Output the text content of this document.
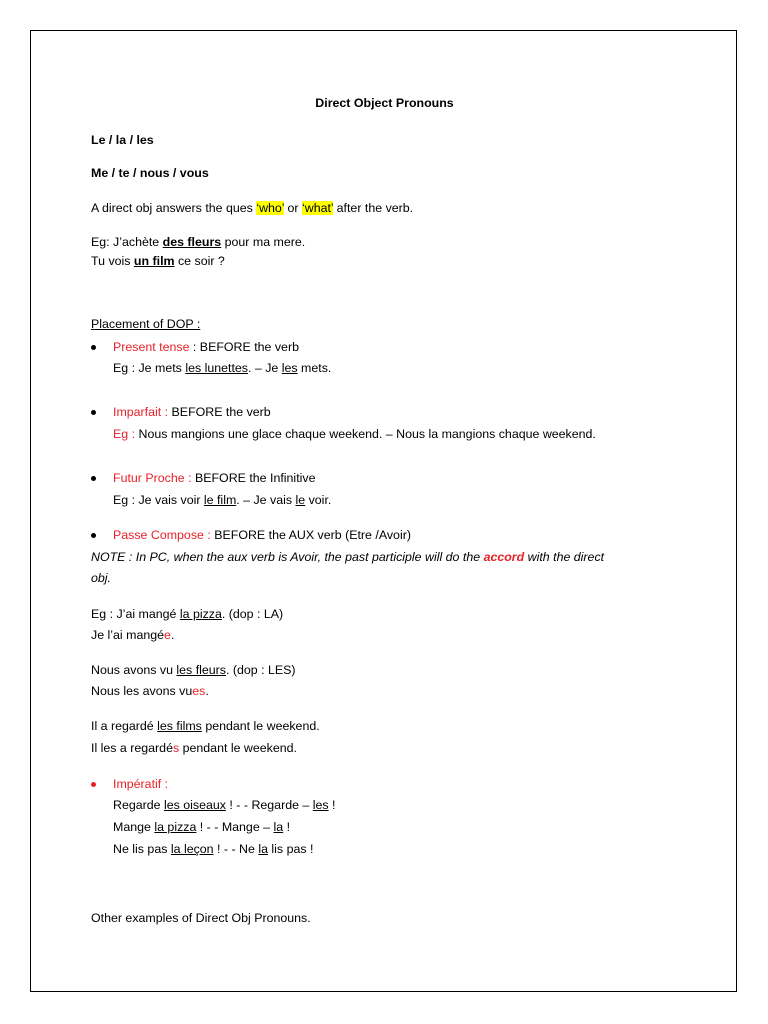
Direct Object Pronouns
Le / la / les
Me / te / nous / vous
A direct obj answers the ques ‘who’ or ‘what’ after the verb.
Eg: J’achète des fleurs pour ma mere.
Tu vois un film ce soir ?
Placement of DOP :
Present tense : BEFORE the verb
Eg : Je mets les lunettes. – Je les mets.
Imparfait : BEFORE the verb
Eg : Nous mangions une glace chaque weekend. – Nous la mangions chaque weekend.
Futur Proche : BEFORE the Infinitive
Eg : Je vais voir le film. – Je vais le voir.
Passe Compose : BEFORE the AUX verb (Etre /Avoir)
NOTE : In PC, when the aux verb is Avoir, the past participle will do the accord with the direct
obj.
Eg : J’ai mangé la pizza. (dop : LA)
Je l’ai mangée.
Nous avons vu les fleurs. (dop : LES)
Nous les avons vues.
Il a regardé les films pendant le weekend.
Il les a regardés pendant le weekend.
Impératif :
Regarde les oiseaux ! - - Regarde – les !
Mange la pizza ! - - Mange – la !
Ne lis pas la leçon ! - - Ne la lis pas !
Other examples of Direct Obj Pronouns.
